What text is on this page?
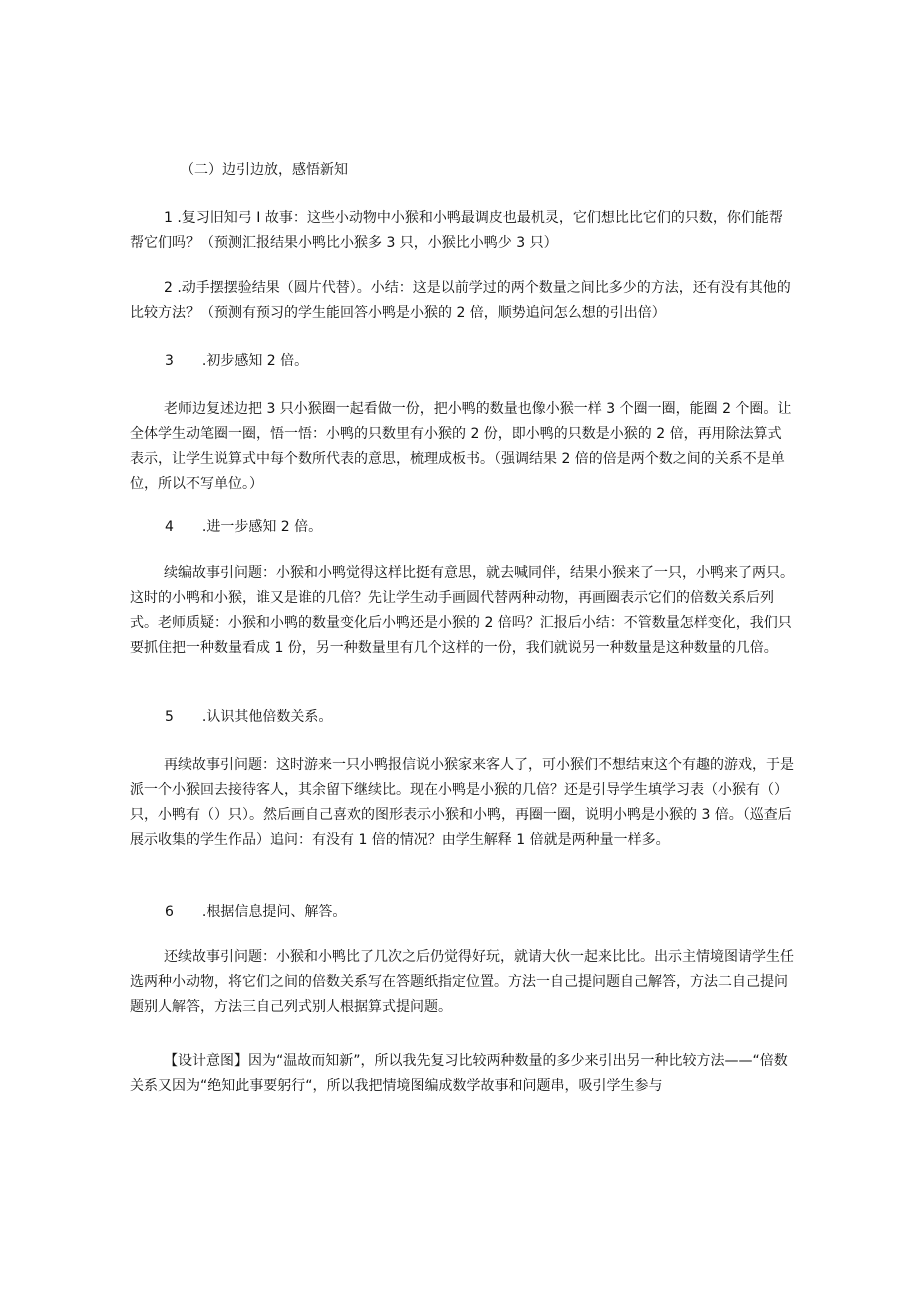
（二）边引边放，感悟新知

1 .复习旧知弓 I 故事：这些小动物中小猴和小鸭最调皮也最机灵，它们想比比它们的只数，你们能帮帮它们吗？（预测汇报结果小鸭比小猴多 3 只，小猴比小鸭少 3 只）

2 .动手摆摆验结果（圆片代替）。小结：这是以前学过的两个数量之间比多少的方法，还有没有其他的比较方法？（预测有预习的学生能回答小鸭是小猴的 2 倍，顺势追问怎么想的引出倍）

3　　.初步感知 2 倍。

老师边复述边把 3 只小猴圈一起看做一份，把小鸭的数量也像小猴一样 3 个圈一圈，能圈 2 个圈。让全体学生动笔圈一圈，悟一悟：小鸭的只数里有小猴的 2 份，即小鸭的只数是小猴的 2 倍，再用除法算式表示，让学生说算式中每个数所代表的意思，梳理成板书。（强调结果 2 倍的倍是两个数之间的关系不是单位，所以不写单位。）

4　　.进一步感知 2 倍。

续编故事引问题：小猴和小鸭觉得这样比挺有意思，就去喊同伴，结果小猴来了一只，小鸭来了两只。这时的小鸭和小猴，谁又是谁的几倍？先让学生动手画圆代替两种动物，再画圈表示它们的倍数关系后列式。老师质疑：小猴和小鸭的数量变化后小鸭还是小猴的 2 倍吗？汇报后小结：不管数量怎样变化，我们只要抓住把一种数量看成 1 份，另一种数量里有几个这样的一份，我们就说另一种数量是这种数量的几倍。

5　　.认识其他倍数关系。

再续故事引问题：这时游来一只小鸭报信说小猴家来客人了，可小猴们不想结束这个有趣的游戏，于是派一个小猴回去接待客人，其余留下继续比。现在小鸭是小猴的几倍？还是引导学生填学习表（小猴有（）只，小鸭有（）只）。然后画自己喜欢的图形表示小猴和小鸭，再圈一圈，说明小鸭是小猴的 3 倍。（巡查后展示收集的学生作品）追问：有没有 1 倍的情况？由学生解释 1 倍就是两种量一样多。

6　　.根据信息提问、解答。

还续故事引问题：小猴和小鸭比了几次之后仍觉得好玩，就请大伙一起来比比。出示主情境图请学生任选两种小动物，将它们之间的倍数关系写在答题纸指定位置。方法一自己提问题自己解答，方法二自己提问题别人解答，方法三自己列式别人根据算式提问题。

【设计意图】因为“温故而知新”，所以我先复习比较两种数量的多少来引出另一种比较方法——“倍数关系又因为“绝知此事要躬行“，所以我把情境图编成数学故事和问题串，吸引学生参与
